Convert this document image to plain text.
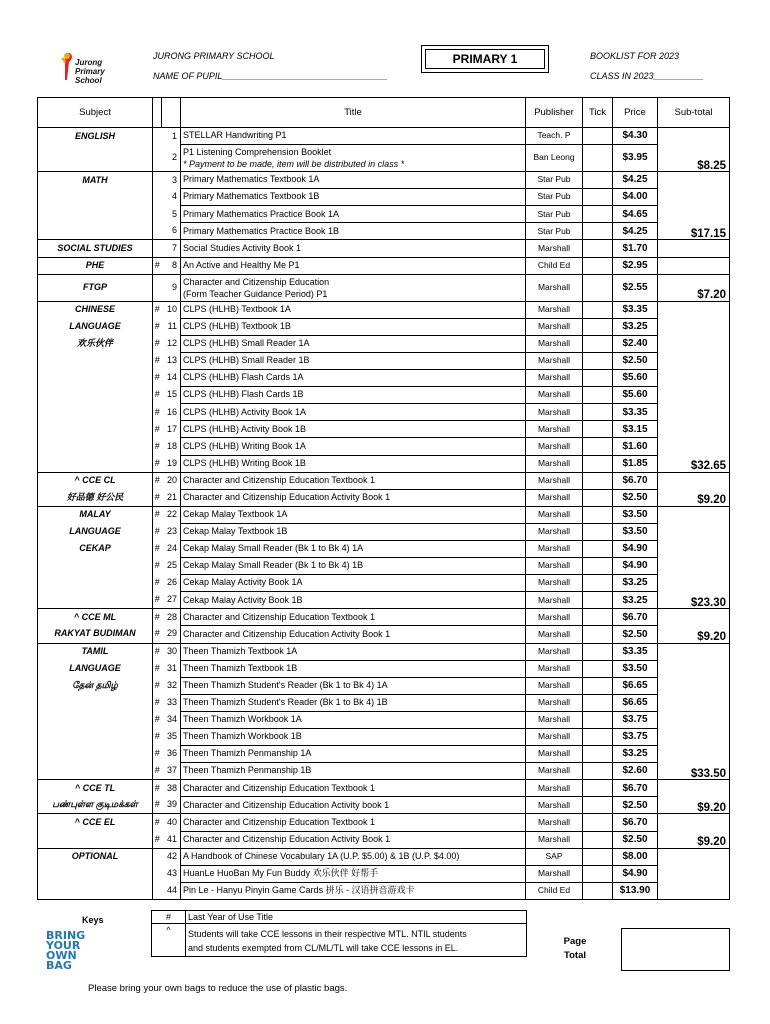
Jurong
Primary
School
JURONG PRIMARY SCHOOL
NAME OF PUPIL_________________________________
PRIMARY 1	BOOKLIST FOR 2023
CLASS IN 2023__________
Subject			Title	Publisher	Tick	Price	Sub-total
ENGLISH		1	STELLAR Handwriting P1	Teach. P		$4.30	
		2	P1 Listening Comprehension Booklet
* Payment to be made, item will be distributed in class *	Ban Leong		$3.95	$8.25
MATH		3	Primary Mathematics Textbook 1A	Star Pub		$4.25	
		4	Primary Mathematics Textbook 1B	Star Pub		$4.00	
		5	Primary Mathematics Practice Book 1A	Star Pub		$4.65	
		6	Primary Mathematics Practice Book 1B	Star Pub		$4.25	$17.15
SOCIAL STUDIES		7	Social Studies Activity Book 1	Marshall		$1.70	
PHE	#	8	An Active and Healthy Me P1	Child Ed		$2.95	
FTGP		9	Character and Citizenship Education
(Form Teacher Guidance Period) P1	Marshall		$2.55	$7.20
CHINESE	#	10	CLPS (HLHB) Textbook 1A	Marshall		$3.35	
LANGUAGE	#	11	CLPS (HLHB) Textbook 1B	Marshall		$3.25	
欢乐伙伴	#	12	CLPS (HLHB) Small Reader 1A	Marshall		$2.40	
	#	13	CLPS (HLHB) Small Reader 1B	Marshall		$2.50	
	#	14	CLPS (HLHB) Flash Cards 1A	Marshall		$5.60	
	#	15	CLPS (HLHB) Flash Cards 1B	Marshall		$5.60	
	#	16	CLPS (HLHB) Activity Book 1A	Marshall		$3.35	
	#	17	CLPS (HLHB) Activity Book 1B	Marshall		$3.15	
	#	18	CLPS (HLHB) Writing Book 1A	Marshall		$1.60	
	#	19	CLPS (HLHB) Writing Book 1B	Marshall		$1.85	$32.65
^ CCE CL	#	20	Character and Citizenship Education Textbook 1	Marshall		$6.70	
好品德 好公民	#	21	Character and Citizenship Education Activity Book 1	Marshall		$2.50	$9.20
MALAY	#	22	Cekap Malay Textbook 1A	Marshall		$3.50	
LANGUAGE	#	23	Cekap Malay Textbook 1B	Marshall		$3.50	
CEKAP	#	24	Cekap Malay Small Reader (Bk 1 to Bk 4) 1A	Marshall		$4.90	
	#	25	Cekap Malay Small Reader (Bk 1 to Bk 4) 1B	Marshall		$4.90	
	#	26	Cekap Malay Activity Book 1A	Marshall		$3.25	
	#	27	Cekap Malay Activity Book 1B	Marshall		$3.25	$23.30
^ CCE ML	#	28	Character and Citizenship Education Textbook 1	Marshall		$6.70	
RAKYAT BUDIMAN	#	29	Character and Citizenship Education Activity Book 1	Marshall		$2.50	$9.20
TAMIL	#	30	Theen Thamizh Textbook 1A	Marshall		$3.35	
LANGUAGE	#	31	Theen Thamizh Textbook 1B	Marshall		$3.50	
தேன் தமிழ்	#	32	Theen Thamizh Student's Reader (Bk 1 to Bk 4) 1A	Marshall		$6.65	
	#	33	Theen Thamizh Student's Reader (Bk 1 to Bk 4) 1B	Marshall		$6.65	
	#	34	Theen Thamizh Workbook 1A	Marshall		$3.75	
	#	35	Theen Thamizh Workbook 1B	Marshall		$3.75	
	#	36	Theen Thamizh Penmanship 1A	Marshall		$3.25	
	#	37	Theen Thamizh Penmanship 1B	Marshall		$2.60	$33.50
^ CCE TL	#	38	Character and Citizenship Education Textbook 1	Marshall		$6.70	
பண்புள்ள குடிமக்கள்	#	39	Character and Citizenship Education Activity book 1	Marshall		$2.50	$9.20
^ CCE EL	#	40	Character and Citizenship Education Textbook 1	Marshall		$6.70	
	#	41	Character and Citizenship Education Activity Book 1	Marshall		$2.50	$9.20
OPTIONAL		42	A Handbook of Chinese Vocabulary 1A (U.P. $5.00) & 1B (U.P. $4.00)	SAP		$8.00	
		43	HuanLe HuoBan My Fun Buddy 欢乐伙伴 好帮手	Marshall		$4.90	
		44	Pin Le - Hanyu Pinyin Game Cards 拼乐 - 汉语拼音游戏卡	Child Ed		$13.90	
Keys	#	Last Year of Use Title
^	Students will take CCE lessons in their respective MTL. NTIL students
and students exempted from CL/ML/TL will take CCE lessons in EL.
Page
Total
BRING
YOUR
OWN
BAG
Please bring your own bags to reduce the use of plastic bags.
